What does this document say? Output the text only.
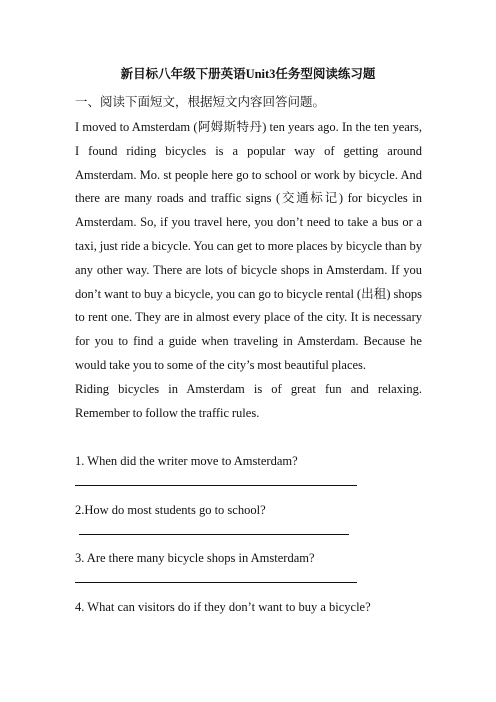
新目标八年级下册英语Unit3任务型阅读练习题
一、阅读下面短文，根据短文内容回答问题。

I moved to Amsterdam (阿姆斯特丹) ten years ago. In the ten years, I found riding bicycles is a popular way of getting around Amsterdam. Mo. st people here go to school or work by bicycle. And there are many roads and traffic signs (交通标记) for bicycles in Amsterdam. So, if you travel here, you don’t need to take a bus or a taxi, just ride a bicycle. You can get to more places by bicycle than by any other way. There are lots of bicycle shops in Amsterdam. If you don’t want to buy a bicycle, you can go to bicycle rental (出租) shops to rent one. They are in almost every place of the city. It is necessary for you to find a guide when traveling in Amsterdam. Because he would take you to some of the city’s most beautiful places.

Riding bicycles in Amsterdam is of great fun and relaxing. Remember to follow the traffic rules.

1. When did the writer move to Amsterdam?

2.How do most students go to school?

3. Are there many bicycle shops in Amsterdam?

4. What can visitors do if they don’t want to buy a bicycle?
